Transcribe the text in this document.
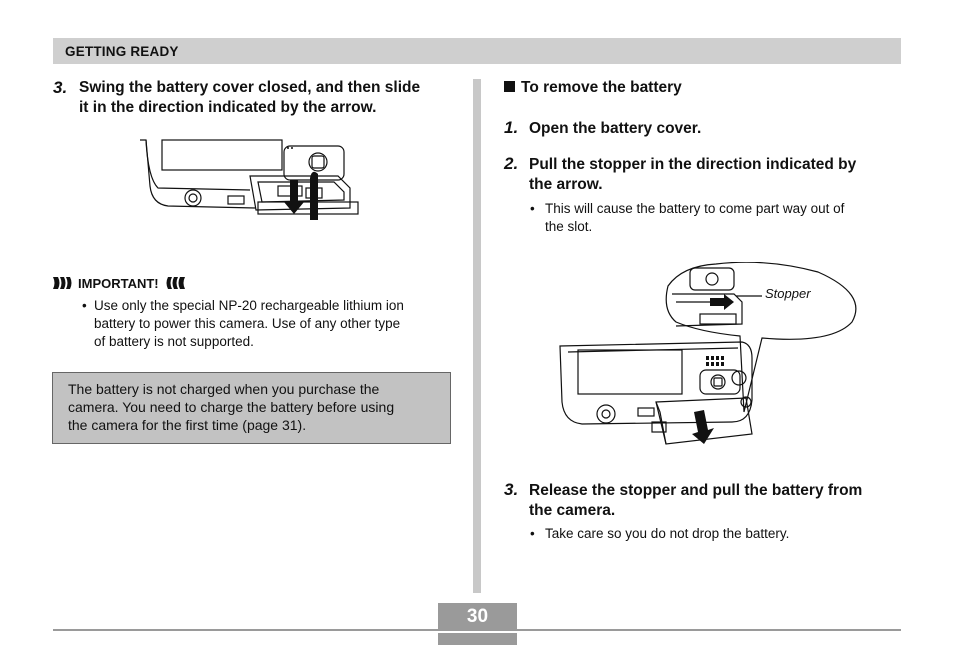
GETTING READY
3. Swing the battery cover closed, and then slide
it in the direction indicated by the arrow.
IMPORTANT!
• Use only the special NP-20 rechargeable lithium ion
battery to power this camera. Use of any other type
of battery is not supported.

The battery is not charged when you purchase the
camera. You need to charge the battery before using
the camera for the first time (page 31).

To remove the battery
1. Open the battery cover.
2. Pull the stopper in the direction indicated by
the arrow.
• This will cause the battery to come part way out of
the slot.
Stopper
3. Release the stopper and pull the battery from
the camera.
• Take care so you do not drop the battery.
30
